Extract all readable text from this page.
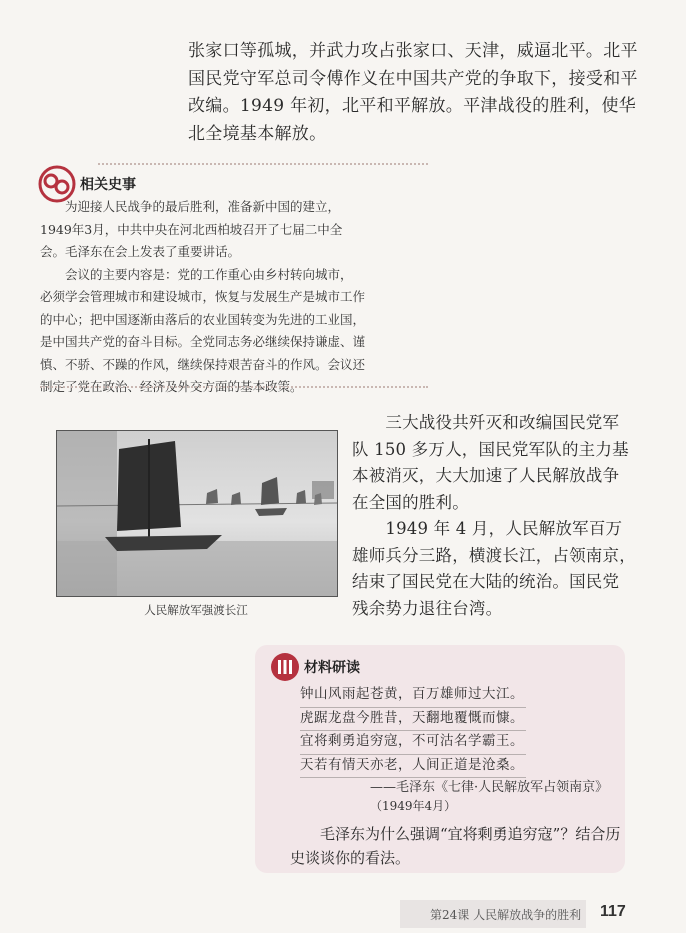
张家口等孤城，并武力攻占张家口、天津，威逼北平。北平
国民党守军总司令傅作义在中国共产党的争取下，接受和平
改编。1949 年初，北平和平解放。平津战役的胜利，使华
北全境基本解放。
相关史事
　　为迎接人民战争的最后胜利，准备新中国的建立，
1949年3月，中共中央在河北西柏坡召开了七届二中全
会。毛泽东在会上发表了重要讲话。
　　会议的主要内容是：党的工作重心由乡村转向城市，
必须学会管理城市和建设城市，恢复与发展生产是城市工作
的中心；把中国逐渐由落后的农业国转变为先进的工业国，
是中国共产党的奋斗目标。全党同志务必继续保持谦虚、谨
慎、不骄、不躁的作风，继续保持艰苦奋斗的作风。会议还
制定了党在政治、经济及外交方面的基本政策。
人民解放军强渡长江
　　三大战役共歼灭和改编国民党军
队 150 多万人，国民党军队的主力基
本被消灭，大大加速了人民解放战争
在全国的胜利。
　　1949 年 4 月，人民解放军百万
雄师兵分三路，横渡长江，占领南京，
结束了国民党在大陆的统治。国民党
残余势力退往台湾。
材料研读
钟山风雨起苍黄，百万雄师过大江。
虎踞龙盘今胜昔，天翻地覆慨而慷。
宜将剩勇追穷寇，不可沽名学霸王。
天若有情天亦老，人间正道是沧桑。
——毛泽东《七律·人民解放军占领南京》
（1949年4月）
　　毛泽东为什么强调“宜将剩勇追穷寇”？结合历
史谈谈你的看法。
第24课 人民解放战争的胜利 117
